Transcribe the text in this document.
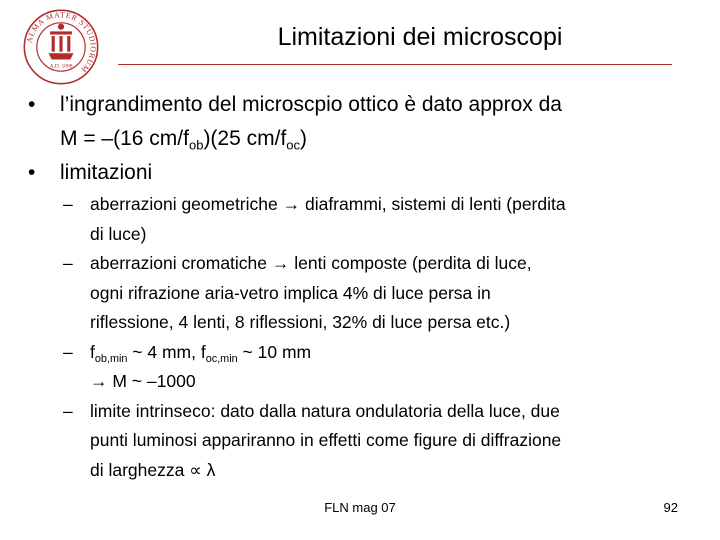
ALMA MATER STUDIORUM
A.D. 1088
Limitazioni dei microscopi
•	l’ingrandimento del microscpio ottico è dato approx da
M = –(16 $cm/f_{ob})(25$ $cm/f_{oc}$)
•	limitazioni
– aberrazioni geometriche → diaframmi, sistemi di lenti (perdita
di luce)
– aberrazioni cromatiche → lenti composte (perdita di luce,
ogni rifrazione aria-vetro implica 4% di luce persa in
riflessione, 4 lenti, 8 riflessioni, 32% di luce persa etc.)
– $f_{ob,min}$ ~ 4 mm, $f_{oc,min}$ ~ 10 mm
→ M ~ –1000
– limite intrinseco: dato dalla natura ondulatoria della luce, due
punti luminosi appariranno in effetti come figure di diffrazione
di larghezza ∝ λ
FLN mag 07	92
